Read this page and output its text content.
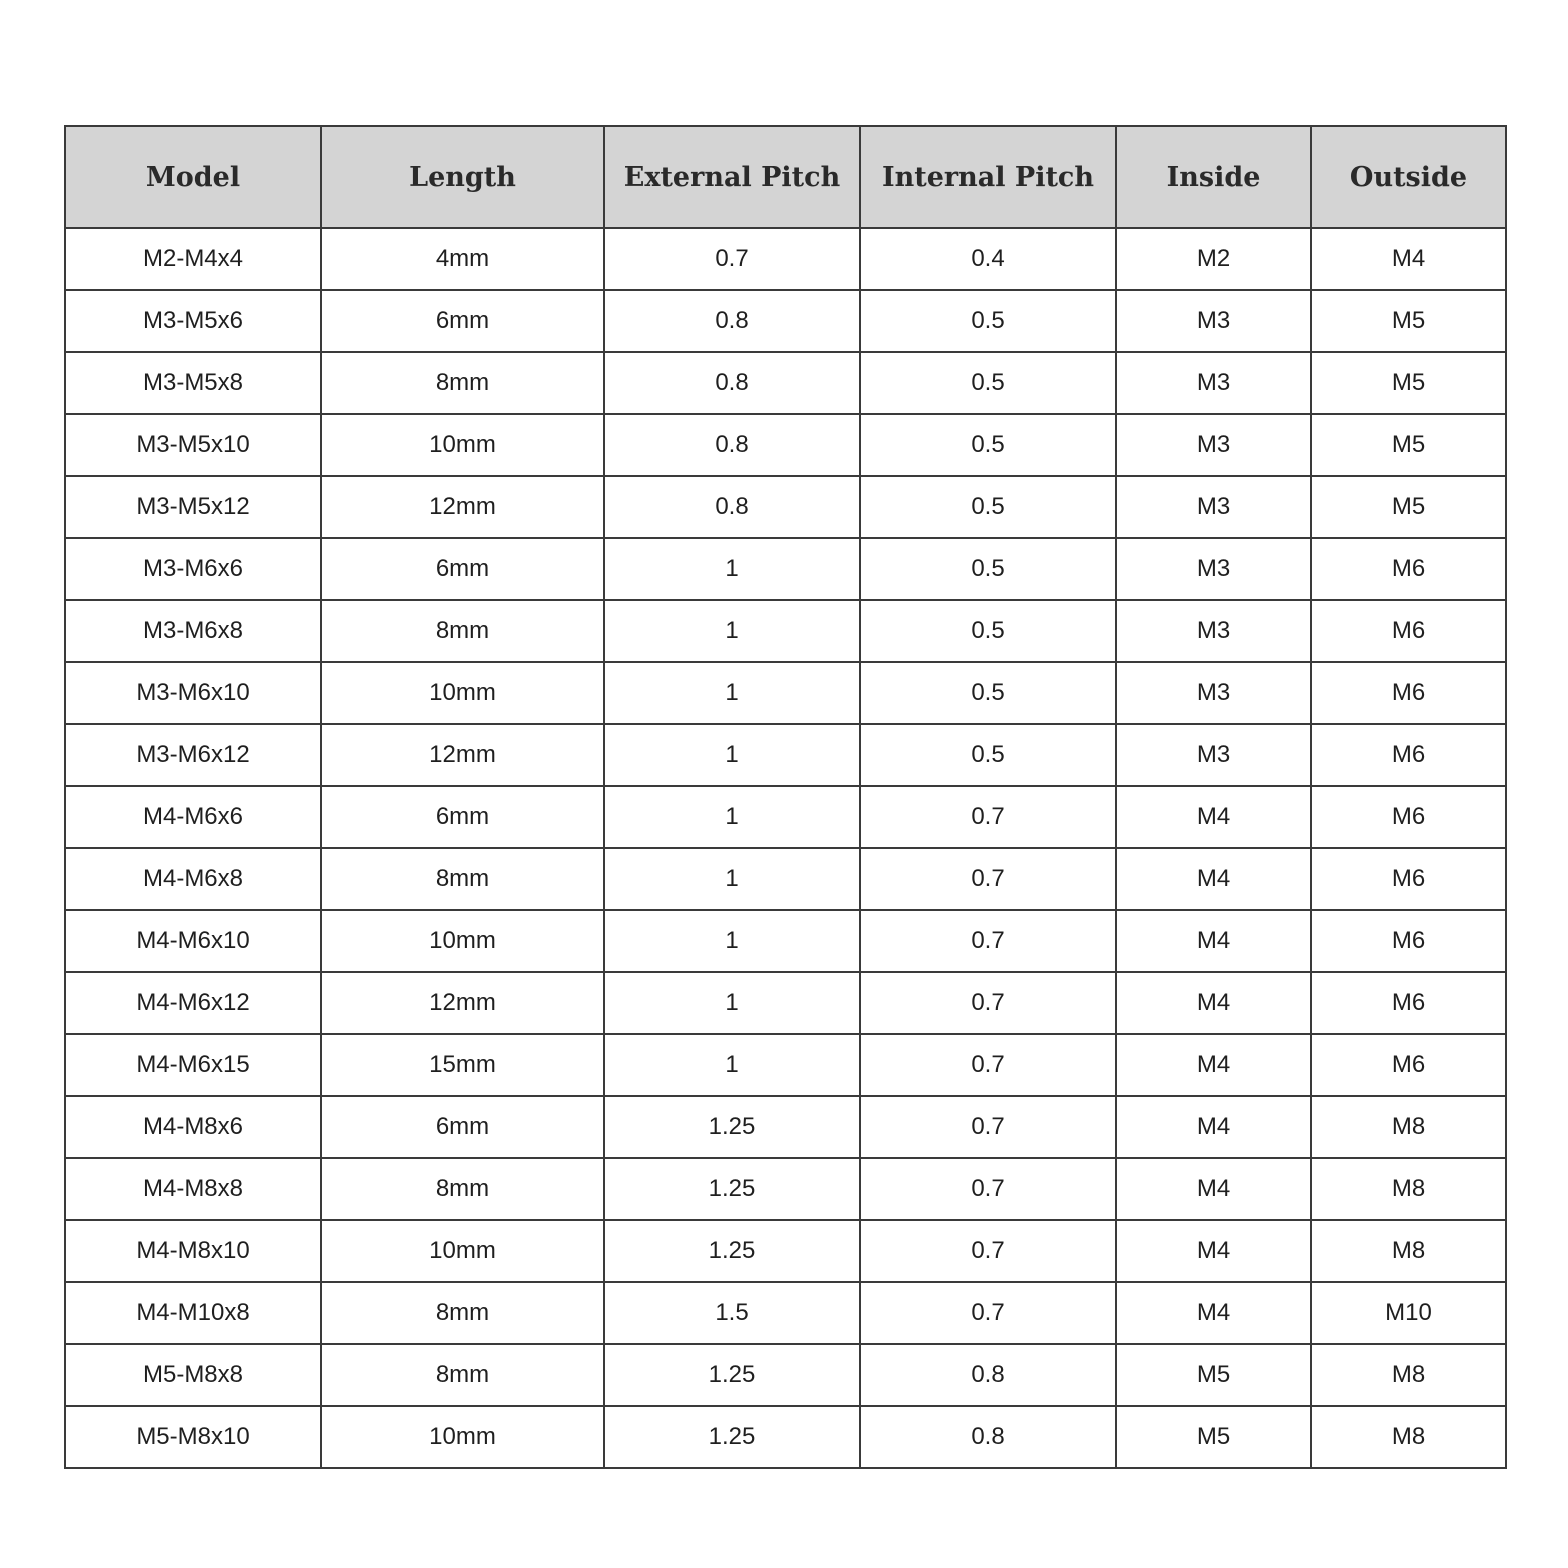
Model	Length	External Pitch	Internal Pitch	Inside	Outside
M2-M4x4	4mm	0.7	0.4	M2	M4
M3-M5x6	6mm	0.8	0.5	M3	M5
M3-M5x8	8mm	0.8	0.5	M3	M5
M3-M5x10	10mm	0.8	0.5	M3	M5
M3-M5x12	12mm	0.8	0.5	M3	M5
M3-M6x6	6mm	1	0.5	M3	M6
M3-M6x8	8mm	1	0.5	M3	M6
M3-M6x10	10mm	1	0.5	M3	M6
M3-M6x12	12mm	1	0.5	M3	M6
M4-M6x6	6mm	1	0.7	M4	M6
M4-M6x8	8mm	1	0.7	M4	M6
M4-M6x10	10mm	1	0.7	M4	M6
M4-M6x12	12mm	1	0.7	M4	M6
M4-M6x15	15mm	1	0.7	M4	M6
M4-M8x6	6mm	1.25	0.7	M4	M8
M4-M8x8	8mm	1.25	0.7	M4	M8
M4-M8x10	10mm	1.25	0.7	M4	M8
M4-M10x8	8mm	1.5	0.7	M4	M10
M5-M8x8	8mm	1.25	0.8	M5	M8
M5-M8x10	10mm	1.25	0.8	M5	M8
